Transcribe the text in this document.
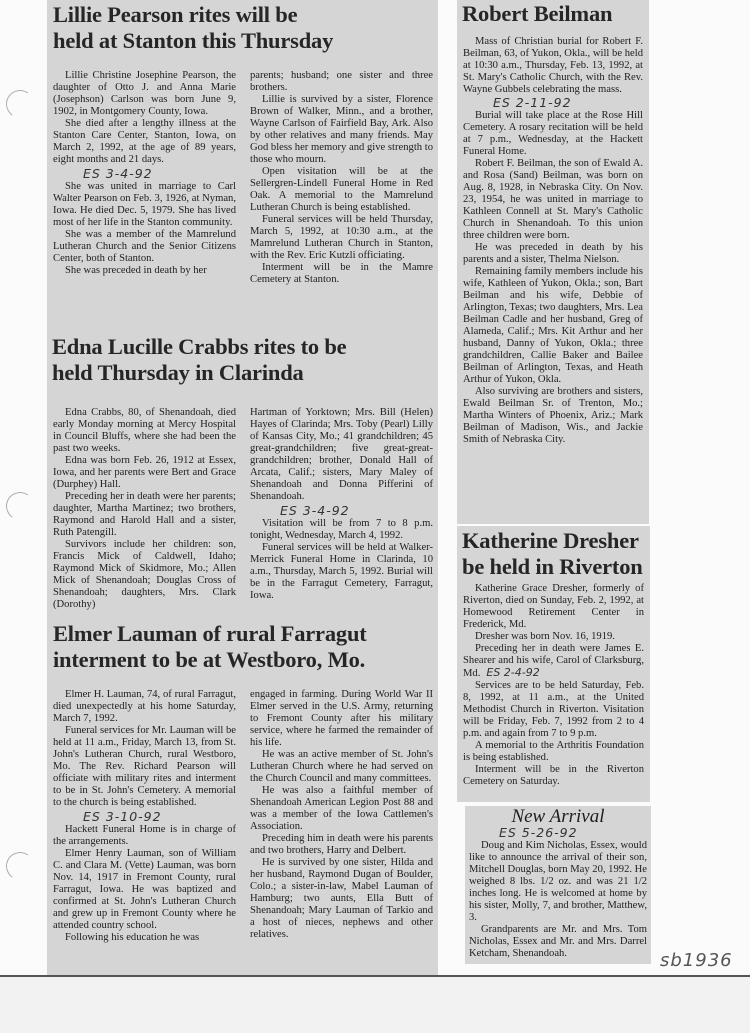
Lillie Pearson rites will be
held at Stanton this Thursday

Lillie Christine Josephine Pearson, the daughter of Otto J. and Anna Marie (Josephson) Carlson was born June 9, 1902, in Montgomery County, Iowa.

She died after a lengthy illness at the Stanton Care Center, Stanton, Iowa, on March 2, 1992, at the age of 89 years, eight months and 21 days.

ES 3-4-92

She was united in marriage to Carl Walter Pearson on Feb. 3, 1926, at Nyman, Iowa. He died Dec. 5, 1979. She has lived most of her life in the Stanton community.

She was a member of the Mamrelund Lutheran Church and the Senior Citizens Center, both of Stanton.

She was preceded in death by her

parents; husband; one sister and three brothers.

Lillie is survived by a sister, Florence Brown of Walker, Minn., and a brother, Wayne Carlson of Fairfield Bay, Ark. Also by other relatives and many friends. May God bless her memory and give strength to those who mourn.

Open visitation will be at the Sellergren-Lindell Funeral Home in Red Oak. A memorial to the Mamrelund Lutheran Church is being established.

Funeral services will be held Thursday, March 5, 1992, at 10:30 a.m., at the Mamrelund Lutheran Church in Stanton, with the Rev. Eric Kutzli officiating.

Interment will be in the Mamre Cemetery at Stanton.

Edna Lucille Crabbs rites to be
held Thursday in Clarinda

Edna Crabbs, 80, of Shenandoah, died early Monday morning at Mercy Hospital in Council Bluffs, where she had been the past two weeks.

Edna was born Feb. 26, 1912 at Essex, Iowa, and her parents were Bert and Grace (Durphey) Hall.

Preceding her in death were her parents; daughter, Martha Martinez; two brothers, Raymond and Harold Hall and a sister, Ruth Patengill.

Survivors include her children: son, Francis Mick of Caldwell, Idaho; Raymond Mick of Skidmore, Mo.; Allen Mick of Shenandoah; Douglas Cross of Shenandoah; daughters, Mrs. Clark (Dorothy)

Hartman of Yorktown; Mrs. Bill (Helen) Hayes of Clarinda; Mrs. Toby (Pearl) Lilly of Kansas City, Mo.; 41 grandchildren; 45 great-grandchildren; five great-great-grandchildren; brother, Donald Hall of Arcata, Calif.; sisters, Mary Maley of Shenandoah and Donna Pifferini of Shenandoah.

ES 3-4-92

Visitation will be from 7 to 8 p.m. tonight, Wednesday, March 4, 1992.

Funeral services will be held at Walker-Merrick Funeral Home in Clarinda, 10 a.m., Thursday, March 5, 1992. Burial will be in the Farragut Cemetery, Farragut, Iowa.

Elmer Lauman of rural Farragut
interment to be at Westboro, Mo.

Elmer H. Lauman, 74, of rural Farragut, died unexpectedly at his home Saturday, March 7, 1992.

Funeral services for Mr. Lauman will be held at 11 a.m., Friday, March 13, from St. John's Lutheran Church, rural Westboro, Mo. The Rev. Richard Pearson will officiate with military rites and interment to be in St. John's Cemetery. A memorial to the church is being established.

ES 3-10-92

Hackett Funeral Home is in charge of the arrangements.

Elmer Henry Lauman, son of William C. and Clara M. (Vette) Lauman, was born Nov. 14, 1917 in Fremont County, rural Farragut, Iowa. He was baptized and confirmed at St. John's Lutheran Church and grew up in Fremont County where he attended country school.

Following his education he was

engaged in farming. During World War II Elmer served in the U.S. Army, returning to Fremont County after his military service, where he farmed the remainder of his life.

He was an active member of St. John's Lutheran Church where he had served on the Church Council and many committees.

He was also a faithful member of Shenandoah American Legion Post 88 and was a member of the Iowa Cattlemen's Association.

Preceding him in death were his parents and two brothers, Harry and Delbert.

He is survived by one sister, Hilda and her husband, Raymond Dugan of Boulder, Colo.; a sister-in-law, Mabel Lauman of Hamburg; two aunts, Ella Butt of Shenandoah; Mary Lauman of Tarkio and a host of nieces, nephews and other relatives.

Robert Beilman

Mass of Christian burial for Robert F. Beilman, 63, of Yukon, Okla., will be held at 10:30 a.m., Thursday, Feb. 13, 1992, at St. Mary's Catholic Church, with the Rev. Wayne Gubbels celebrating the mass.

ES 2-11-92

Burial will take place at the Rose Hill Cemetery. A rosary recitation will be held at 7 p.m., Wednesday, at the Hackett Funeral Home.

Robert F. Beilman, the son of Ewald A. and Rosa (Sand) Beilman, was born on Aug. 8, 1928, in Nebraska City. On Nov. 23, 1954, he was united in marriage to Kathleen Connell at St. Mary's Catholic Church in Shenandoah. To this union three children were born.

He was preceded in death by his parents and a sister, Thelma Nielson.

Remaining family members include his wife, Kathleen of Yukon, Okla.; son, Bart Beilman and his wife, Debbie of Arlington, Texas; two daughters, Mrs. Lea Beilman Cadle and her husband, Greg of Alameda, Calif.; Mrs. Kit Arthur and her husband, Danny of Yukon, Okla.; three grandchildren, Callie Baker and Bailee Beilman of Arlington, Texas, and Heath Arthur of Yukon, Okla.

Also surviving are brothers and sisters, Ewald Beilman Sr. of Trenton, Mo.; Martha Winters of Phoenix, Ariz.; Mark Beilman of Madison, Wis., and Jackie Smith of Nebraska City.

Katherine Dresher
be held in Riverton

Katherine Grace Dresher, formerly of Riverton, died on Sunday, Feb. 2, 1992, at Homewood Retirement Center in Frederick, Md.

Dresher was born Nov. 16, 1919.

Preceding her in death were James E. Shearer and his wife, Carol of Clarksburg, Md. ES 2-4-92

Services are to be held Saturday, Feb. 8, 1992, at 11 a.m., at the United Methodist Church in Riverton. Visitation will be Friday, Feb. 7, 1992 from 2 to 4 p.m. and again from 7 to 9 p.m.

A memorial to the Arthritis Foundation is being established.

Interment will be in the Riverton Cemetery on Saturday.

New Arrival

ES 5-26-92

Doug and Kim Nicholas, Essex, would like to announce the arrival of their son, Mitchell Douglas, born May 20, 1992. He weighed 8 lbs. 1/2 oz. and was 21 1/2 inches long. He is welcomed at home by his sister, Molly, 7, and brother, Matthew, 3.

Grandparents are Mr. and Mrs. Tom Nicholas, Essex and Mr. and Mrs. Darrel Ketcham, Shenandoah.	sb1936
